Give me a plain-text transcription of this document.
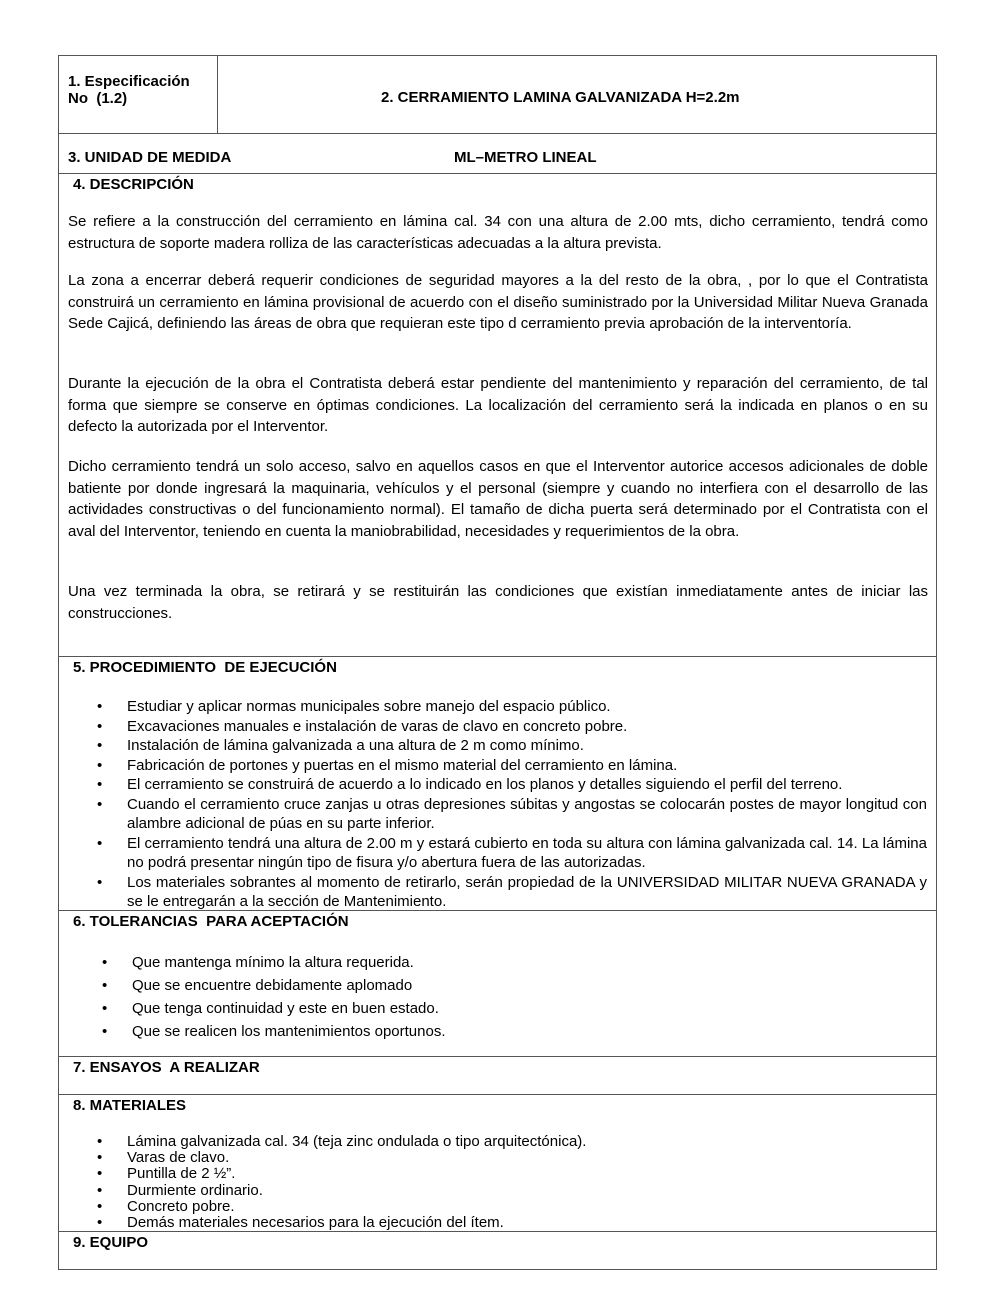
1. Especificación
No  (1.2)	2. CERRAMIENTO LAMINA GALVANIZADA H=2.2m
3. UNIDAD DE MEDIDA	ML–METRO LINEAL
4. DESCRIPCIÓN

Se refiere a la construcción del cerramiento en lámina cal. 34 con una altura de 2.00 mts, dicho cerramiento, tendrá como estructura de soporte madera rolliza de las características adecuadas a la altura prevista.

La zona a encerrar deberá requerir condiciones de seguridad mayores a la del resto de la obra, , por lo que el Contratista construirá un cerramiento en lámina provisional de acuerdo con el diseño suministrado por la Universidad Militar Nueva Granada Sede Cajicá, definiendo las áreas de obra que requieran este tipo d cerramiento previa aprobación de la interventoría.

Durante la ejecución de la obra el Contratista deberá estar pendiente del mantenimiento y reparación del cerramiento, de tal forma que siempre se conserve en óptimas condiciones. La localización del cerramiento será la indicada en planos o en su defecto la autorizada por el Interventor.

Dicho cerramiento tendrá un solo acceso, salvo en aquellos casos en que el Interventor autorice accesos adicionales de doble batiente por donde ingresará la maquinaria, vehículos y el personal (siempre y cuando no interfiera con el desarrollo de las actividades constructivas o del funcionamiento normal). El tamaño de dicha puerta será determinado por el Contratista con el aval del Interventor, teniendo en cuenta la maniobrabilidad, necesidades y requerimientos de la obra.

Una vez terminada la obra, se retirará y se restituirán las condiciones que existían inmediatamente antes de iniciar las construcciones.

5. PROCEDIMIENTO  DE EJECUCIÓN
• Estudiar y aplicar normas municipales sobre manejo del espacio público.
• Excavaciones manuales e instalación de varas de clavo en concreto pobre.
• Instalación de lámina galvanizada a una altura de 2 m como mínimo.
• Fabricación de portones y puertas en el mismo material del cerramiento en lámina.
• El cerramiento se construirá de acuerdo a lo indicado en los planos y detalles siguiendo el perfil del terreno.
• Cuando el cerramiento cruce zanjas u otras depresiones súbitas y angostas se colocarán postes de mayor longitud con alambre adicional de púas en su parte inferior.
• El cerramiento tendrá una altura de 2.00 m y estará cubierto en toda su altura con lámina galvanizada cal. 14. La lámina no podrá presentar ningún tipo de fisura y/o abertura fuera de las autorizadas.
• Los materiales sobrantes al momento de retirarlo, serán propiedad de la UNIVERSIDAD MILITAR NUEVA GRANADA y se le entregarán a la sección de Mantenimiento.
6. TOLERANCIAS  PARA ACEPTACIÓN
• Que mantenga mínimo la altura requerida.
• Que se encuentre debidamente aplomado
• Que tenga continuidad y este en buen estado.
• Que se realicen los mantenimientos oportunos.
7. ENSAYOS  A REALIZAR
8. MATERIALES
• Lámina galvanizada cal. 34 (teja zinc ondulada o tipo arquitectónica).
• Varas de clavo.
• Puntilla de 2 ½”.
• Durmiente ordinario.
• Concreto pobre.
• Demás materiales necesarios para la ejecución del ítem.
9. EQUIPO
